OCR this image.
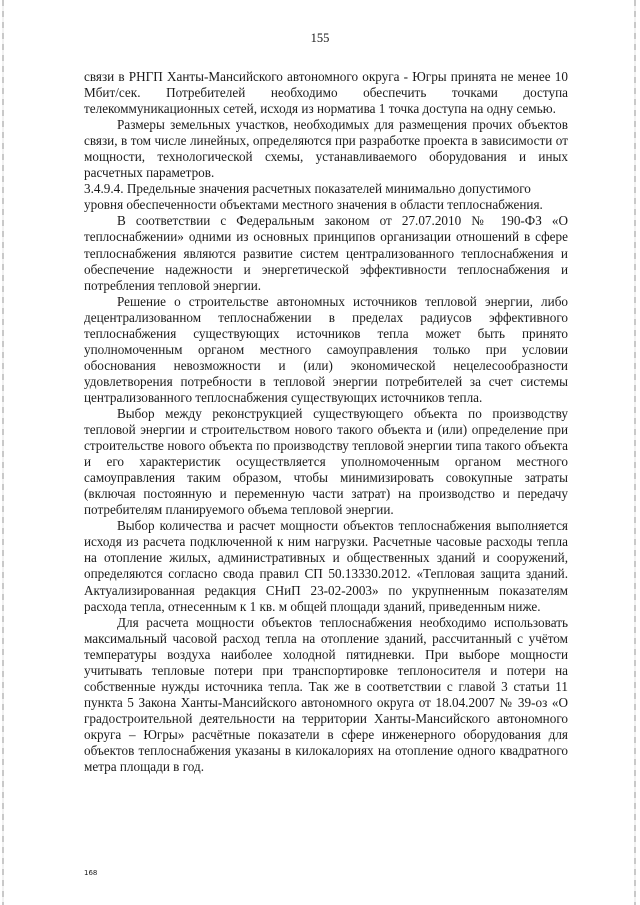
155

связи в РНГП Ханты-Мансийского автономного округа - Югры принята не менее 10 Мбит/сек. Потребителей необходимо обеспечить точками доступа телекоммуникационных сетей, исходя из норматива 1 точка доступа на одну семью.

Размеры земельных участков, необходимых для размещения прочих объектов связи, в том числе линейных, определяются при разработке проекта в зависимости от мощности, технологической схемы, устанавливаемого оборудования и иных расчетных параметров.

3.4.9.4. Предельные значения расчетных показателей минимально допустимого уровня обеспеченности объектами местного значения в области теплоснабжения.

В соответствии с Федеральным законом от 27.07.2010 № 190-ФЗ «О теплоснабжении» одними из основных принципов организации отношений в сфере теплоснабжения являются развитие систем централизованного теплоснабжения и обеспечение надежности и энергетической эффективности теплоснабжения и потребления тепловой энергии.

Решение о строительстве автономных источников тепловой энергии, либо децентрализованном теплоснабжении в пределах радиусов эффективного теплоснабжения существующих источников тепла может быть принято уполномоченным органом местного самоуправления только при условии обоснования невозможности и (или) экономической нецелесообразности удовлетворения потребности в тепловой энергии потребителей за счет системы централизованного теплоснабжения существующих источников тепла.

Выбор между реконструкцией существующего объекта по производству тепловой энергии и строительством нового такого объекта и (или) определение при строительстве нового объекта по производству тепловой энергии типа такого объекта и его характеристик осуществляется уполномоченным органом местного самоуправления таким образом, чтобы минимизировать совокупные затраты (включая постоянную и переменную части затрат) на производство и передачу потребителям планируемого объема тепловой энергии.

Выбор количества и расчет мощности объектов теплоснабжения выполняется исходя из расчета подключенной к ним нагрузки. Расчетные часовые расходы тепла на отопление жилых, административных и общественных зданий и сооружений, определяются согласно свода правил СП 50.13330.2012. «Тепловая защита зданий. Актуализированная редакция СНиП 23-02-2003» по укрупненным показателям расхода тепла, отнесенным к 1 кв. м общей площади зданий, приведенным ниже.

Для расчета мощности объектов теплоснабжения необходимо использовать максимальный часовой расход тепла на отопление зданий, рассчитанный с учётом температуры воздуха наиболее холодной пятидневки. При выборе мощности учитывать тепловые потери при транспортировке теплоносителя и потери на собственные нужды источника тепла. Так же в соответствии с главой 3 статьи 11 пункта 5 Закона Ханты-Мансийского автономного округа от 18.04.2007 № 39-оз «О градостроительной деятельности на территории Ханты-Мансийского автономного округа – Югры» расчётные показатели в сфере инженерного оборудования для объектов теплоснабжения указаны в килокалориях на отопление одного квадратного метра площади в год.

168
